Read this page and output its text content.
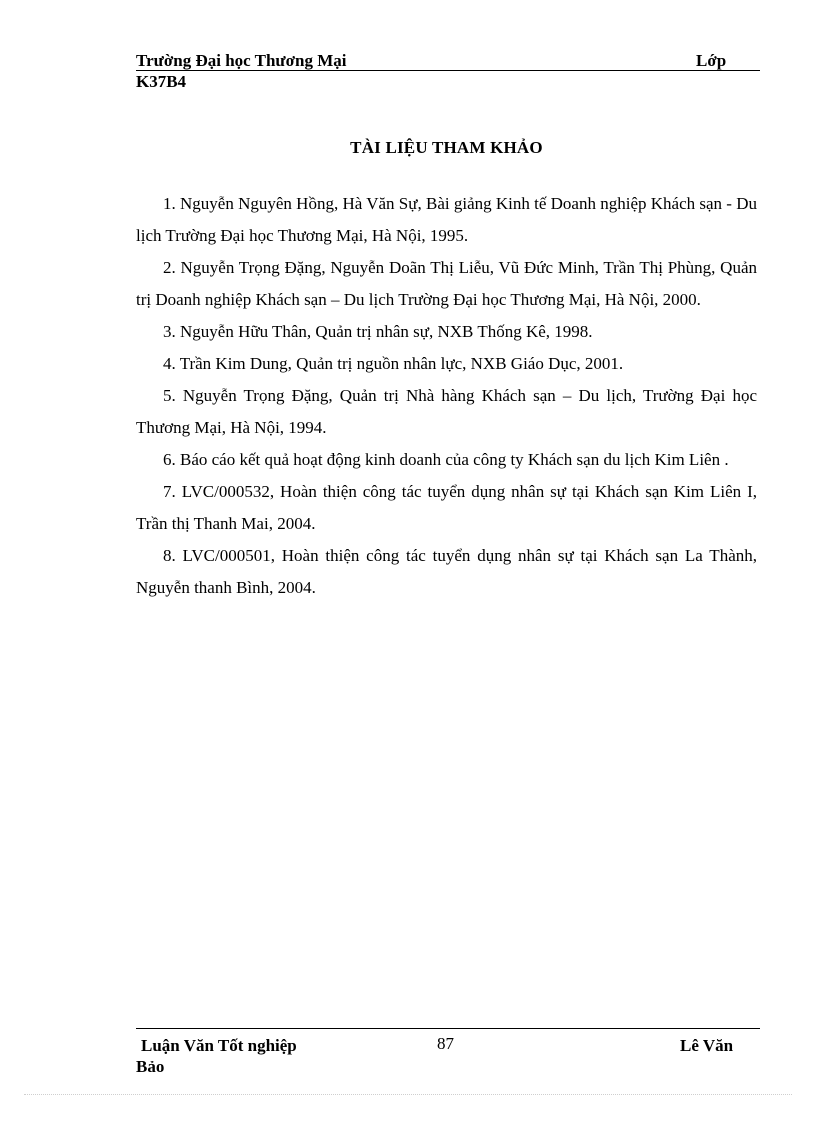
Trường Đại học Thương Mại	Lớp
K37B4
TÀI LIỆU THAM KHẢO
1. Nguyễn Nguyên Hồng, Hà Văn Sự, Bài giảng Kinh tế Doanh nghiệp Khách sạn - Du lịch Trường Đại học Thương Mại, Hà Nội, 1995.
2. Nguyễn Trọng Đặng, Nguyễn Doãn Thị Liễu, Vũ Đức Minh, Trần Thị Phùng, Quản trị Doanh nghiệp Khách sạn – Du lịch Trường Đại học Thương Mại, Hà Nội, 2000.
3. Nguyễn Hữu Thân, Quản trị nhân sự, NXB Thống Kê, 1998.
4. Trần Kim Dung, Quản trị nguồn nhân lực, NXB Giáo Dục, 2001.
5. Nguyễn Trọng Đặng, Quản trị Nhà hàng Khách sạn – Du lịch, Trường Đại học Thương Mại, Hà Nội, 1994.
6. Báo cáo kết quả hoạt động kinh doanh của công ty Khách sạn du lịch Kim Liên .
7. LVC/000532, Hoàn thiện công tác tuyển dụng nhân sự tại Khách sạn Kim Liên I, Trần thị Thanh Mai, 2004.
8. LVC/000501, Hoàn thiện công tác tuyển dụng nhân sự tại Khách sạn La Thành, Nguyễn thanh Bình, 2004.
Luận Văn Tốt nghiệp	87	Lê Văn
Bảo
